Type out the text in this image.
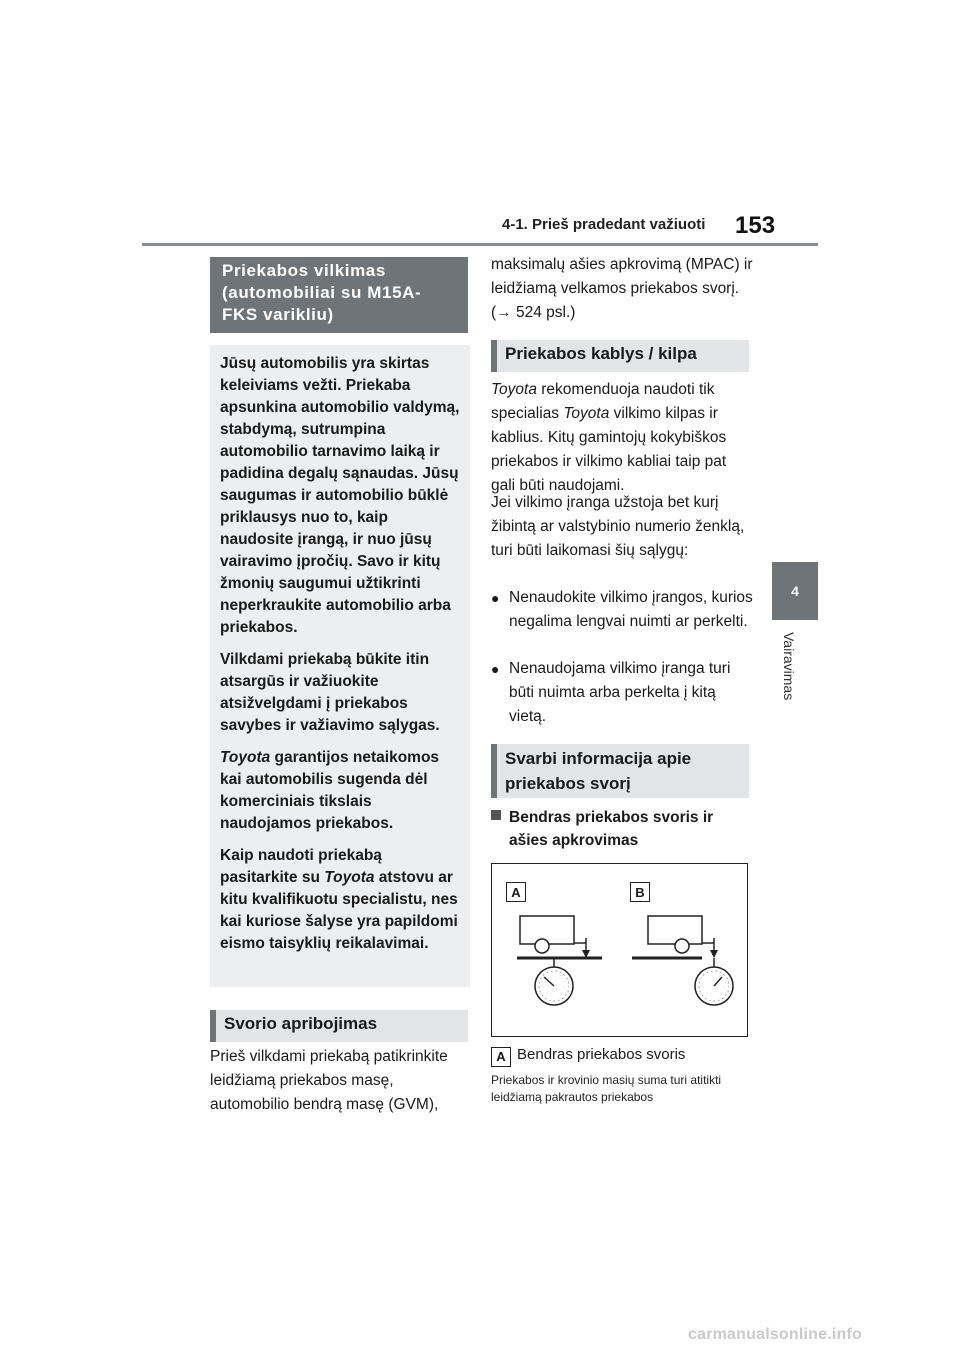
4-1. Prieš pradedant važiuoti 153
4
Vairavimas
Priekabos vilkimas (automobiliai su M15A-FKS varikliu)

Jūsų automobilis yra skirtas keleiviams vežti. Priekaba apsunkina automobilio valdymą, stabdymą, sutrumpina automobilio tarnavimo laiką ir padidina degalų sąnaudas. Jūsų saugumas ir automobilio būklė priklausys nuo to, kaip naudosite įrangą, ir nuo jūsų vairavimo įpročių. Savo ir kitų žmonių saugumui užtikrinti neperkraukite automobilio arba priekabos.

Vilkdami priekabą būkite itin atsargūs ir važiuokite atsižvelgdami į priekabos savybes ir važiavimo sąlygas.

Toyota garantijos netaikomos kai automobilis sugenda dėl komerciniais tikslais naudojamos priekabos.

Kaip naudoti priekabą pasitarkite su Toyota atstovu ar kitu kvalifikuotu specialistu, nes kai kuriose šalyse yra papildomi eismo taisyklių reikalavimai.

Svorio apribojimas

Prieš vilkdami priekabą patikrinkite leidžiamą priekabos masę, automobilio bendrą masę (GVM),

maksimalų ašies apkrovimą (MPAC) ir leidžiamą velkamos priekabos svorį. (→ 524 psl.)

Priekabos kablys / kilpa

Toyota rekomenduoja naudoti tik specialias Toyota vilkimo kilpas ir kablius. Kitų gamintojų kokybiškos priekabos ir vilkimo kabliai taip pat gali būti naudojami.

Jei vilkimo įranga užstoja bet kurį žibintą ar valstybinio numerio ženklą, turi būti laikomasi šių sąlygų:

● Nenaudokite vilkimo įrangos, kurios negalima lengvai nuimti ar perkelti.
● Nenaudojama vilkimo įranga turi būti nuimta arba perkelta į kitą vietą.
Svarbi informacija apie priekabos svorį
Bendras priekabos svoris ir ašies apkrovimas
A	B
A Bendras priekabos svoris

Priekabos ir krovinio masių suma turi atitikti leidžiamą pakrautos priekabos

carmanualsonline.info
